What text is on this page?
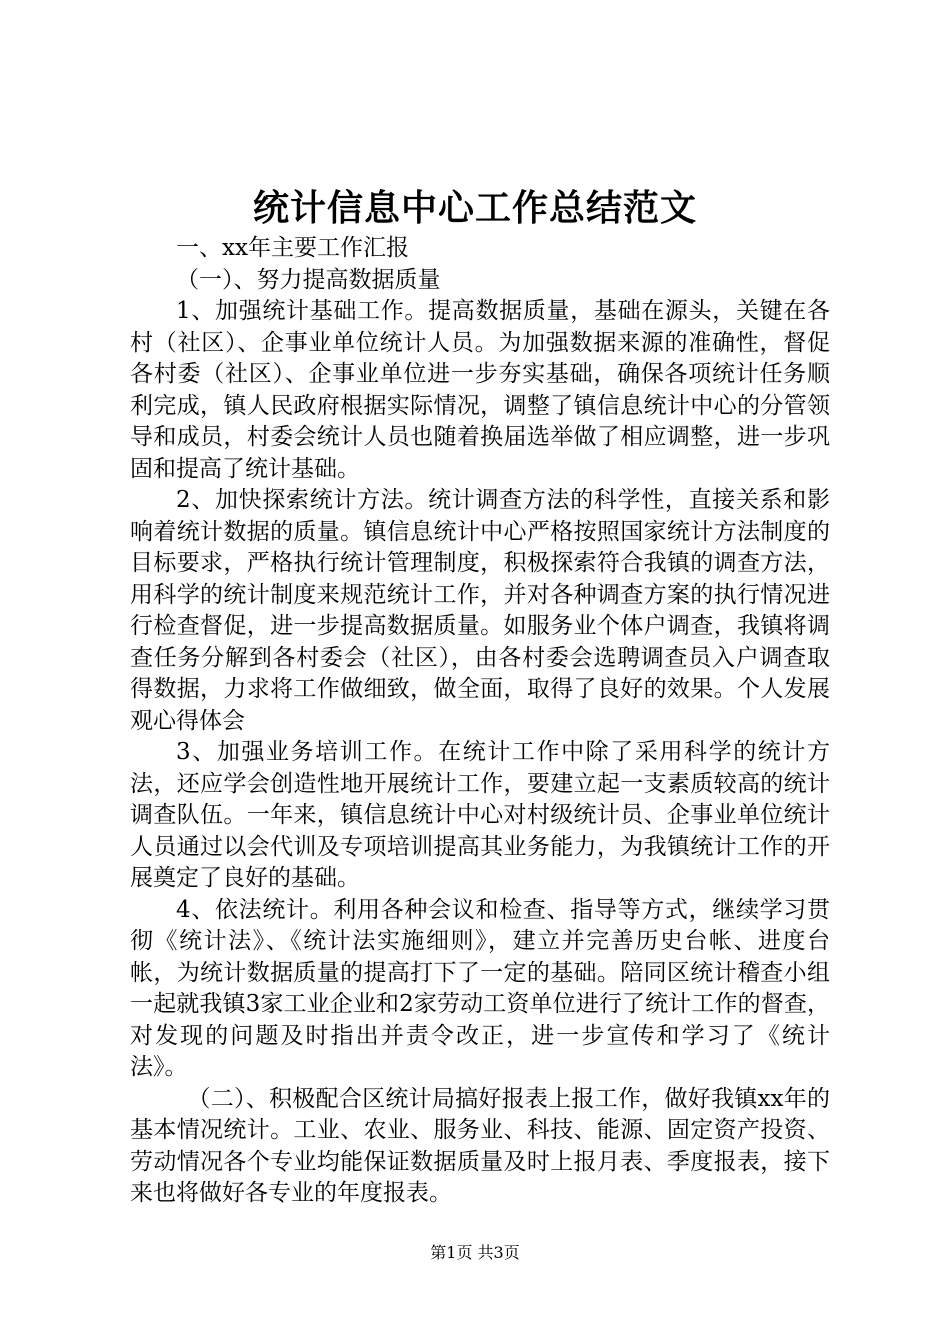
统计信息中心工作总结范文

一、xx年主要工作汇报

（一）、努力提高数据质量

1、加强统计基础工作。提高数据质量，基础在源头，关键在各村（社区）、企事业单位统计人员。为加强数据来源的准确性，督促各村委（社区）、企事业单位进一步夯实基础，确保各项统计任务顺利完成，镇人民政府根据实际情况，调整了镇信息统计中心的分管领导和成员，村委会统计人员也随着换届选举做了相应调整，进一步巩固和提高了统计基础。

2、加快探索统计方法。统计调查方法的科学性，直接关系和影响着统计数据的质量。镇信息统计中心严格按照国家统计方法制度的目标要求，严格执行统计管理制度，积极探索符合我镇的调查方法，用科学的统计制度来规范统计工作，并对各种调查方案的执行情况进行检查督促，进一步提高数据质量。如服务业个体户调查，我镇将调查任务分解到各村委会（社区），由各村委会选聘调查员入户调查取得数据，力求将工作做细致，做全面，取得了良好的效果。个人发展观心得体会

3、加强业务培训工作。在统计工作中除了采用科学的统计方法，还应学会创造性地开展统计工作，要建立起一支素质较高的统计调查队伍。一年来，镇信息统计中心对村级统计员、企事业单位统计人员通过以会代训及专项培训提高其业务能力，为我镇统计工作的开展奠定了良好的基础。

4、依法统计。利用各种会议和检查、指导等方式，继续学习贯彻《统计法》、《统计法实施细则》，建立并完善历史台帐、进度台帐，为统计数据质量的提高打下了一定的基础。陪同区统计稽查小组一起就我镇3家工业企业和2家劳动工资单位进行了统计工作的督查，对发现的问题及时指出并责令改正，进一步宣传和学习了《统计法》。

（二）、积极配合区统计局搞好报表上报工作，做好我镇xx年的基本情况统计。工业、农业、服务业、科技、能源、固定资产投资、劳动情况各个专业均能保证数据质量及时上报月表、季度报表，接下来也将做好各专业的年度报表。

第1页 共3页
